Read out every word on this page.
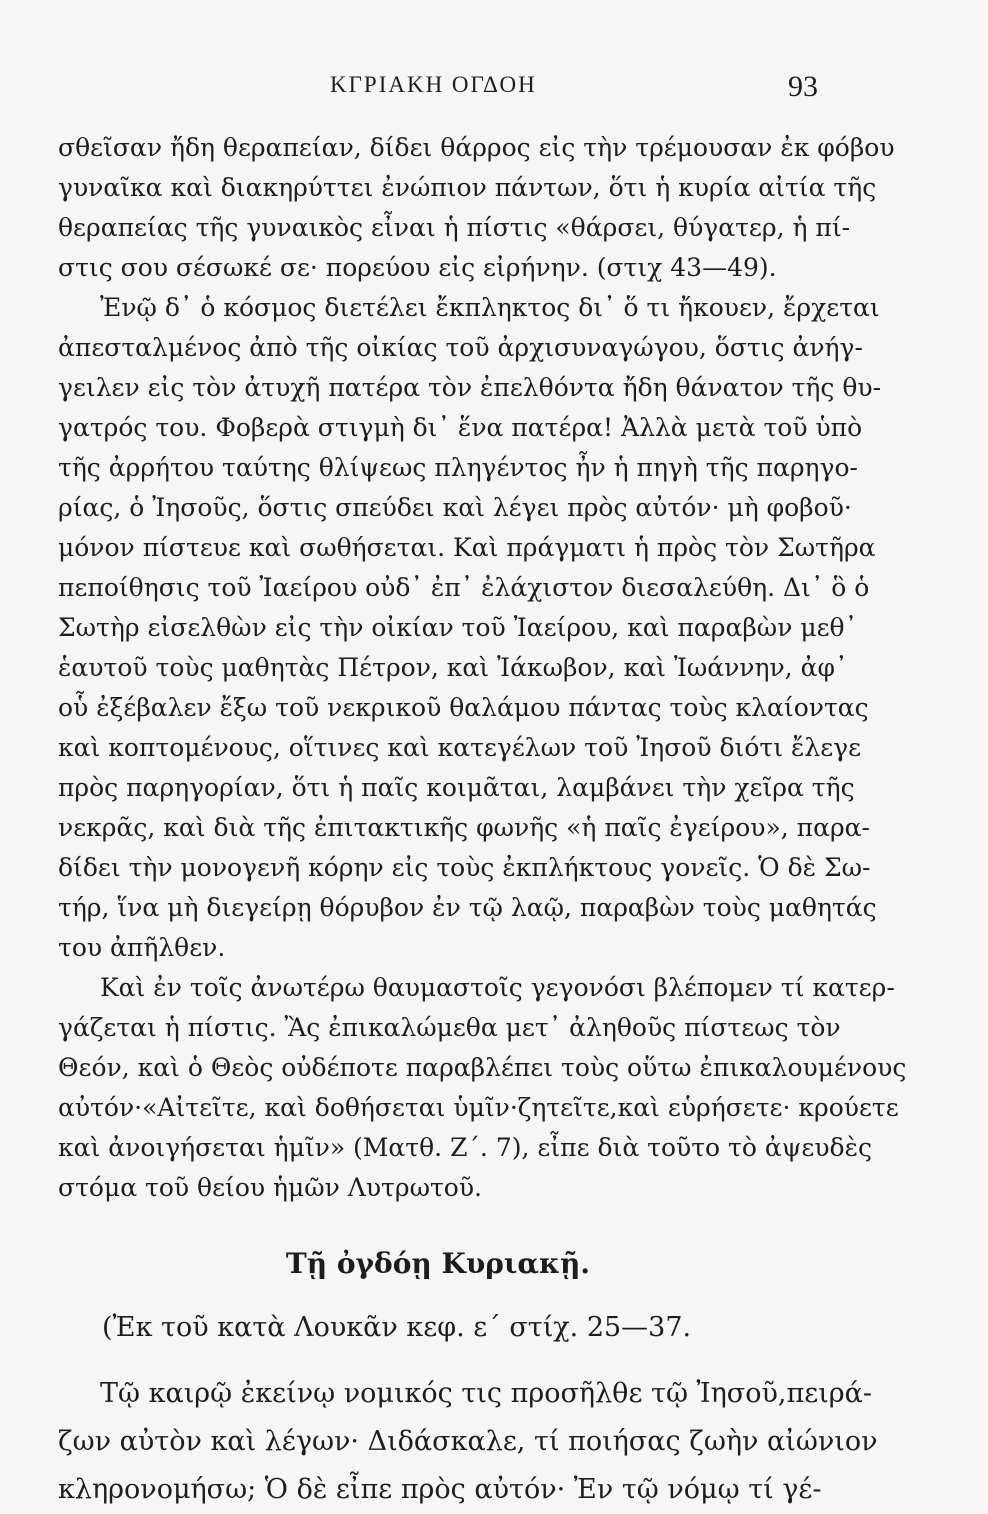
ΚΓΡΙΑΚΗ ΟΓΔΟΗ	93
σθεῖσαν ἤδη θεραπείαν, δίδει θάρρος εἰς τὴν τρέμουσαν ἐκ φόβου
γυναῖκα καὶ διακηρύττει ἐνώπιον πάντων, ὅτι ἡ κυρία αἰτία τῆς
θεραπείας τῆς γυναικὸς εἶναι ἡ πίστις «θάρσει, θύγατερ, ἡ πί-
στις σου σέσωκέ σε· πορεύου εἰς εἰρήνην. (στιχ 43—49).
Ἐνῷ δ᾽ ὁ κόσμος διετέλει ἔκπληκτος δι᾽ ὅ τι ἤκουεν, ἔρχεται
ἀπεσταλμένος ἀπὸ τῆς οἰκίας τοῦ ἀρχισυναγώγου, ὅστις ἀνήγ-
γειλεν εἰς τὸν ἀτυχῆ πατέρα τὸν ἐπελθόντα ἤδη θάνατον τῆς θυ-
γατρός του. Φοβερὰ στιγμὴ δι᾽ ἕνα πατέρα! Ἀλλὰ μετὰ τοῦ ὑπὸ
τῆς ἀρρήτου ταύτης θλίψεως πληγέντος ἦν ἡ πηγὴ τῆς παρηγο-
ρίας, ὁ Ἰησοῦς, ὅστις σπεύδει καὶ λέγει πρὸς αὐτόν· μὴ φοβοῦ·
μόνον πίστευε καὶ σωθήσεται. Καὶ πράγματι ἡ πρὸς τὸν Σωτῆρα
πεποίθησις τοῦ Ἰαείρου οὐδ᾽ ἐπ᾽ ἐλάχιστον διεσαλεύθη. Δι᾽ ὃ ὁ
Σωτὴρ εἰσελθὼν εἰς τὴν οἰκίαν τοῦ Ἰαείρου, καὶ παραβὼν μεθ᾽
ἑαυτοῦ τοὺς μαθητὰς Πέτρον, καὶ Ἰάκωβον, καὶ Ἰωάννην, ἀφ᾽
οὗ ἐξέβαλεν ἔξω τοῦ νεκρικοῦ θαλάμου πάντας τοὺς κλαίοντας
καὶ κοπτομένους, οἵτινες καὶ κατεγέλων τοῦ Ἰησοῦ διότι ἔλεγε
πρὸς παρηγορίαν, ὅτι ἡ παῖς κοιμᾶται, λαμβάνει τὴν χεῖρα τῆς
νεκρᾶς, καὶ διὰ τῆς ἐπιτακτικῆς φωνῆς «ἡ παῖς ἐγείρου», παρα-
δίδει τὴν μονογενῆ κόρην εἰς τοὺς ἐκπλήκτους γονεῖς. Ὁ δὲ Σω-
τήρ, ἵνα μὴ διεγείρῃ θόρυβον ἐν τῷ λαῷ, παραβὼν τοὺς μαθητάς
του ἀπῆλθεν.
Καὶ ἐν τοῖς ἀνωτέρω θαυμαστοῖς γεγονόσι βλέπομεν τί κατερ-
γάζεται ἡ πίστις. Ἂς ἐπικαλώμεθα μετ᾽ ἀληθοῦς πίστεως τὸν
Θεόν, καὶ ὁ Θεὸς οὐδέποτε παραβλέπει τοὺς οὕτω ἐπικαλουμένους
αὐτόν·«Αἰτεῖτε, καὶ δοθήσεται ὑμῖν·ζητεῖτε,καὶ εὑρήσετε· κρούετε
καὶ ἀνοιγήσεται ἡμῖν» (Ματθ. Ζ΄. 7), εἶπε διὰ τοῦτο τὸ ἀψευδὲς
στόμα τοῦ θείου ἡμῶν Λυτρωτοῦ.
Τῇ ὀγδόῃ Κυριακῇ.
(Ἐκ τοῦ κατὰ Λουκᾶν κεφ. ε΄ στίχ. 25—37.
Τῷ καιρῷ ἐκείνῳ νομικός τις προσῆλθε τῷ Ἰησοῦ,πειρά-
ζων αὐτὸν καὶ λέγων· Διδάσκαλε, τί ποιήσας ζωὴν αἰώνιον
κληρονομήσω; Ὁ δὲ εἶπε πρὸς αὐτόν· Ἐν τῷ νόμῳ τί γέ-
